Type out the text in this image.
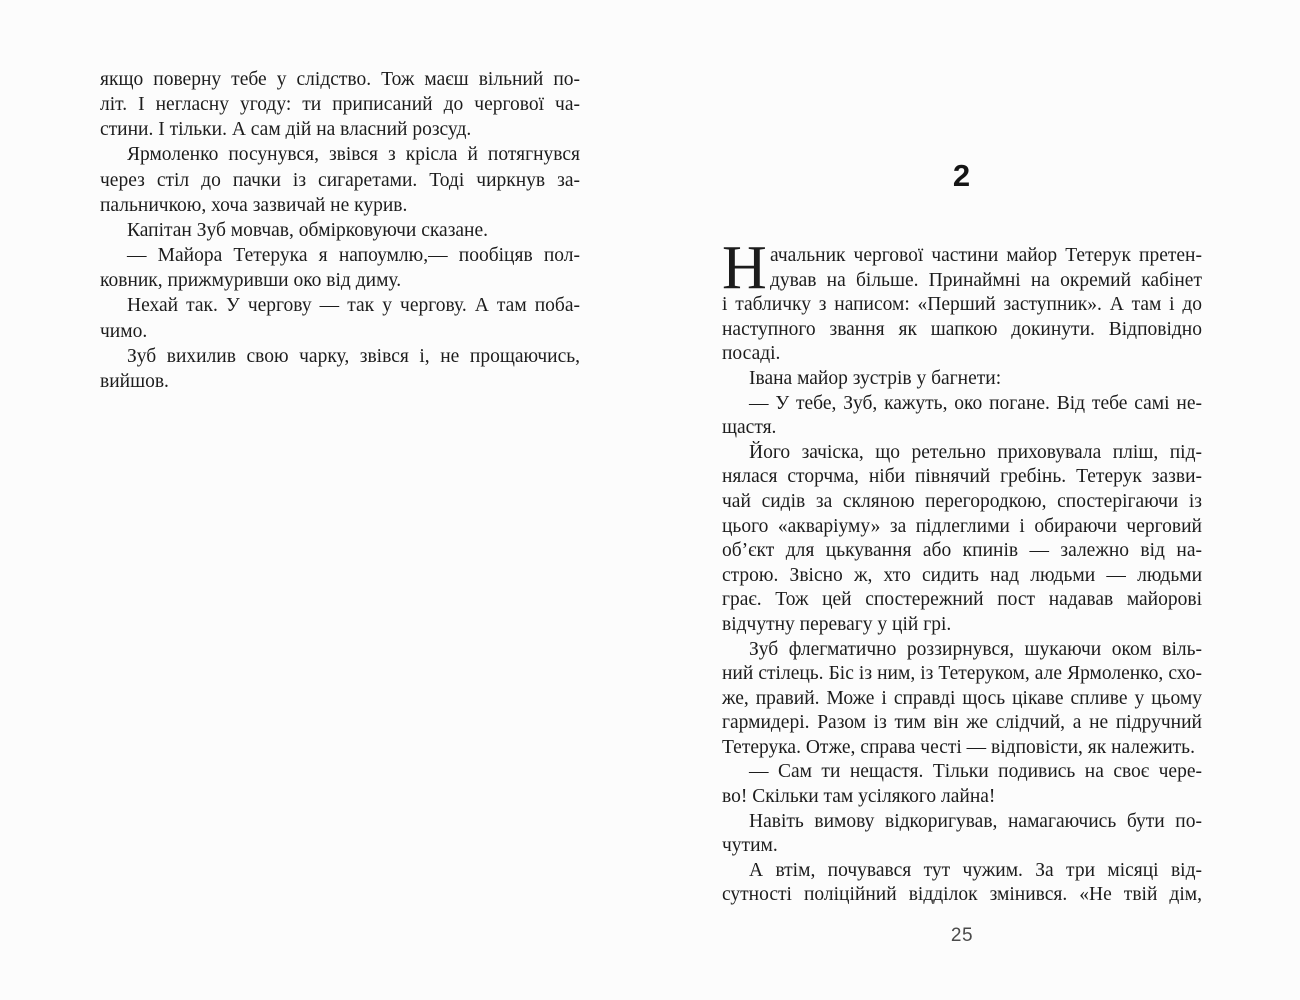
якщо поверну тебе у слідство. Тож маєш вільний по-
літ. І негласну угоду: ти приписаний до чергової ча-
стини. І тільки. А сам дій на власний розсуд.
Ярмоленко посунувся, звівся з крісла й потягнувся
через стіл до пачки із сигаретами. Тоді чиркнув за-
пальничкою, хоча зазвичай не курив.
Капітан Зуб мовчав, обмірковуючи сказане.
— Майора Тетерука я напоумлю,— пообіцяв пол-
ковник, прижмуривши око від диму.
Нехай так. У чергову — так у чергову. А там поба-
чимо.
Зуб вихилив свою чарку, звівся і, не прощаючись,
вийшов.
2
Н ачальник чергової частини майор Тетерук претен-
дував на більше. Принаймні на окремий кабінет
і табличку з написом: «Перший заступник». А там і до
наступного звання як шапкою докинути. Відповідно
посаді.
Івана майор зустрів у багнети:
— У тебе, Зуб, кажуть, око погане. Від тебе самі не-
щастя.
Його зачіска, що ретельно приховувала пліш, під-
нялася сторчма, ніби півнячий гребінь. Тетерук зазви-
чай сидів за скляною перегородкою, спостерігаючи із
цього «акваріуму» за підлеглими і обираючи черговий
об’єкт для цькування або кпинів — залежно від на-
строю. Звісно ж, хто сидить над людьми — людьми
грає. Тож цей спостережний пост надавав майорові
відчутну перевагу у цій грі.
Зуб флегматично роззирнувся, шукаючи оком віль-
ний стілець. Біс із ним, із Тетеруком, але Ярмоленко, схо-
же, правий. Може і справді щось цікаве спливе у цьому
гармидері. Разом із тим він же слідчий, а не підручний
Тетерука. Отже, справа честі — відповісти, як належить.
— Сам ти нещастя. Тільки подивись на своє чере-
во! Скільки там усілякого лайна!
Навіть вимову відкоригував, намагаючись бути по-
чутим.
А втім, почувався тут чужим. За три місяці від-
сутності поліційний відділок змінився. «Не твій дім,
25
